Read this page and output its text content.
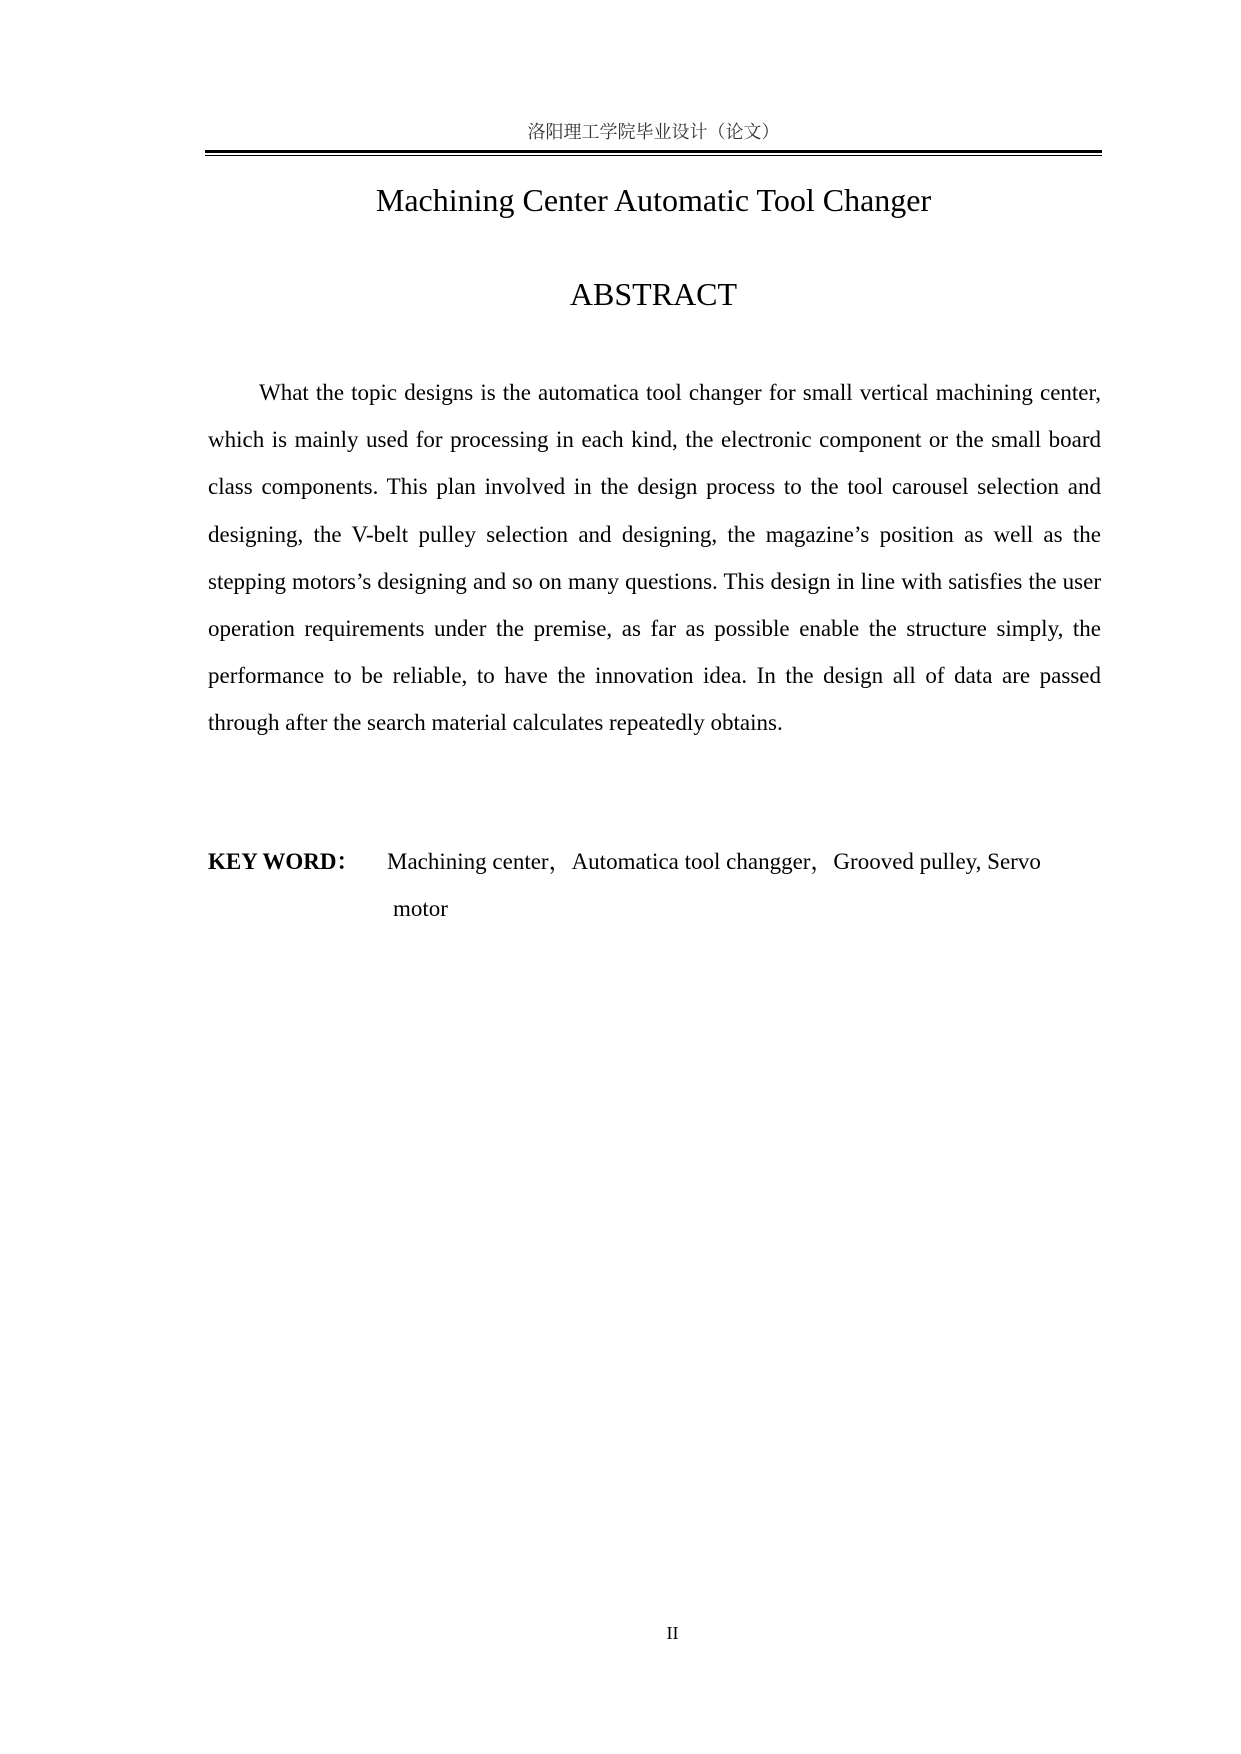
洛阳理工学院毕业设计（论文）
Machining Center Automatic Tool Changer
ABSTRACT

What the topic designs is the automatica tool changer for small vertical machining center, which is mainly used for processing in each kind, the electronic component or the small board class components. This plan involved in the design process to the tool carousel selection and designing, the V-belt pulley selection and designing, the magazine’s position as well as the stepping motors’s designing and so on many questions. This design in line with satisfies the user operation requirements under the premise, as far as possible enable the structure simply, the performance to be reliable, to have the innovation idea. In the design all of data are passed through after the search material calculates repeatedly obtains.

KEY WORD： Machining center，Automatica tool changger，Grooved pulley, Servo
motor
II
